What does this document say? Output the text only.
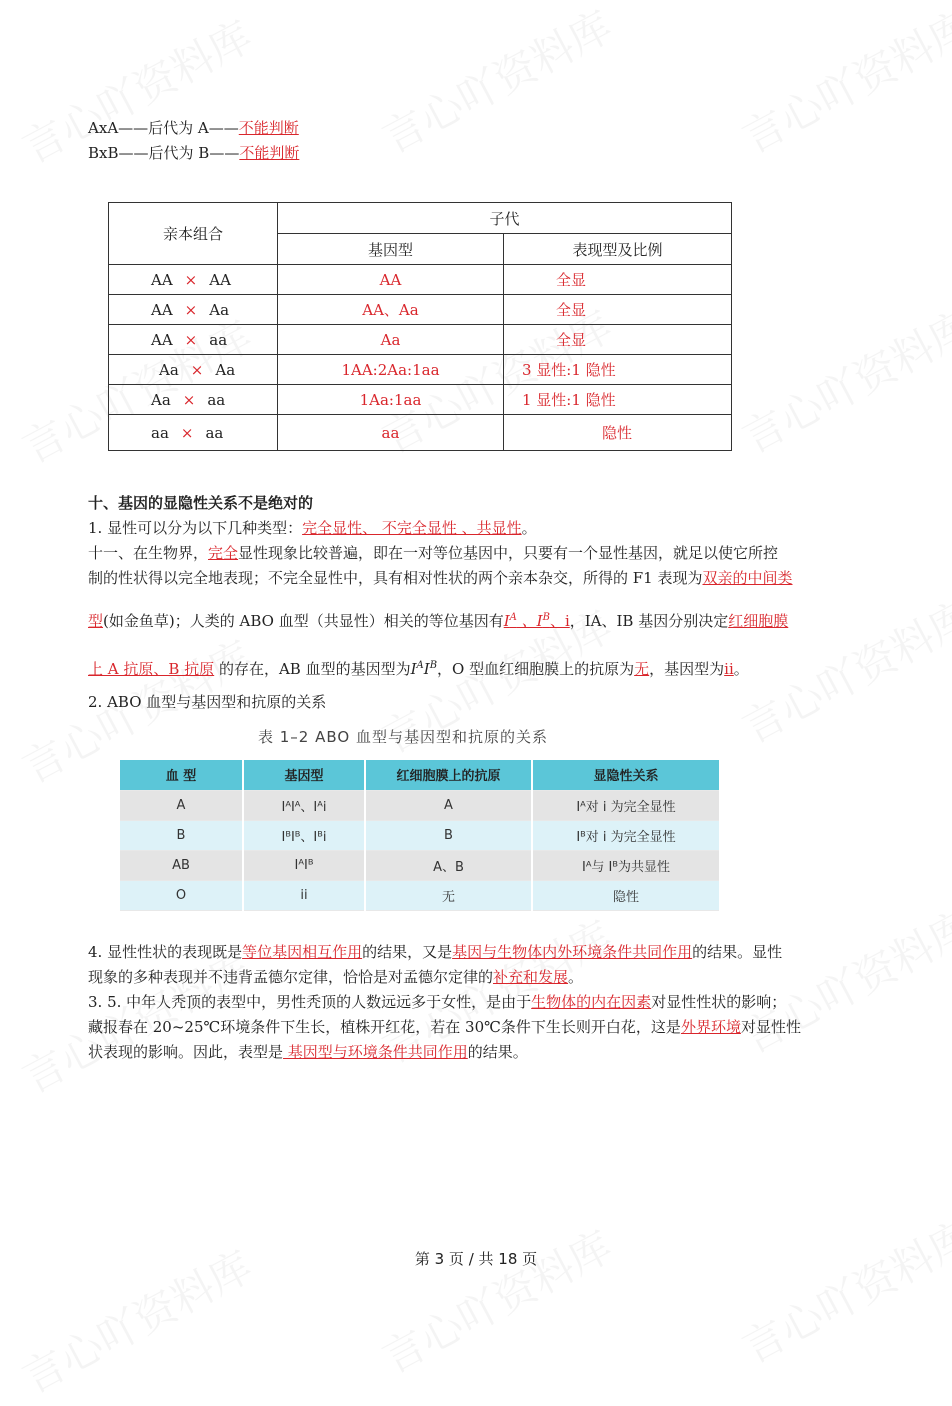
AxA——后代为 A——不能判断
BxB——后代为 B——不能判断
亲本组合	子代	
	基因型	表现型及比例
AA × AA	AA	全显
AA × Aa	AA、Aa	全显
AA × aa	Aa	全显
Aa × Aa	1AA:2Aa:1aa	3 显性:1 隐性
Aa × aa	1Aa:1aa	1 显性:1 隐性
aa × aa	aa	隐性
十、基因的显隐性关系不是绝对的
1. 显性可以分为以下几种类型：完全显性、 不完全显性 、共显性。
十一、在生物界，完全显性现象比较普遍，即在一对等位基因中，只要有一个显性基因，就足以使它所控
制的性状得以完全地表现；不完全显性中，具有相对性状的两个亲本杂交，所得的 F1 表现为双亲的中间类
型(如金鱼草)；人类的 ABO 血型（共显性）相关的等位基因有$I^A$ 、$I^B$、i，IA、IB 基因分别决定红细胞膜
上 A 抗原、B 抗原 的存在，AB 血型的基因型为$I^AI^B$，O 型血红细胞膜上的抗原为无，基因型为ii。
2. ABO 血型与基因型和抗原的关系
表 1–2 ABO 血型与基因型和抗原的关系
血 型	基因型	红细胞膜上的抗原	显隐性关系
A	IᴬIᴬ、Iᴬi	A	Iᴬ对 i 为完全显性
B	IᴮIᴮ、Iᴮi	B	Iᴮ对 i 为完全显性
AB	IᴬIᴮ	A、B	Iᴬ与 Iᴮ为共显性
O	ii	无	隐性
4. 显性性状的表现既是等位基因相互作用的结果，又是基因与生物体内外环境条件共同作用的结果。显性
现象的多种表现并不违背孟德尔定律，恰恰是对孟德尔定律的补充和发展。
3. 5. 中年人秃顶的表型中，男性秃顶的人数远远多于女性，是由于生物体的内在因素对显性性状的影响；
藏报春在 20~25℃环境条件下生长，植株开红花，若在 30℃条件下生长则开白花，这是外界环境对显性性
状表现的影响。因此，表型是 基因型与环境条件共同作用的结果。
第 3 页 / 共 18 页
